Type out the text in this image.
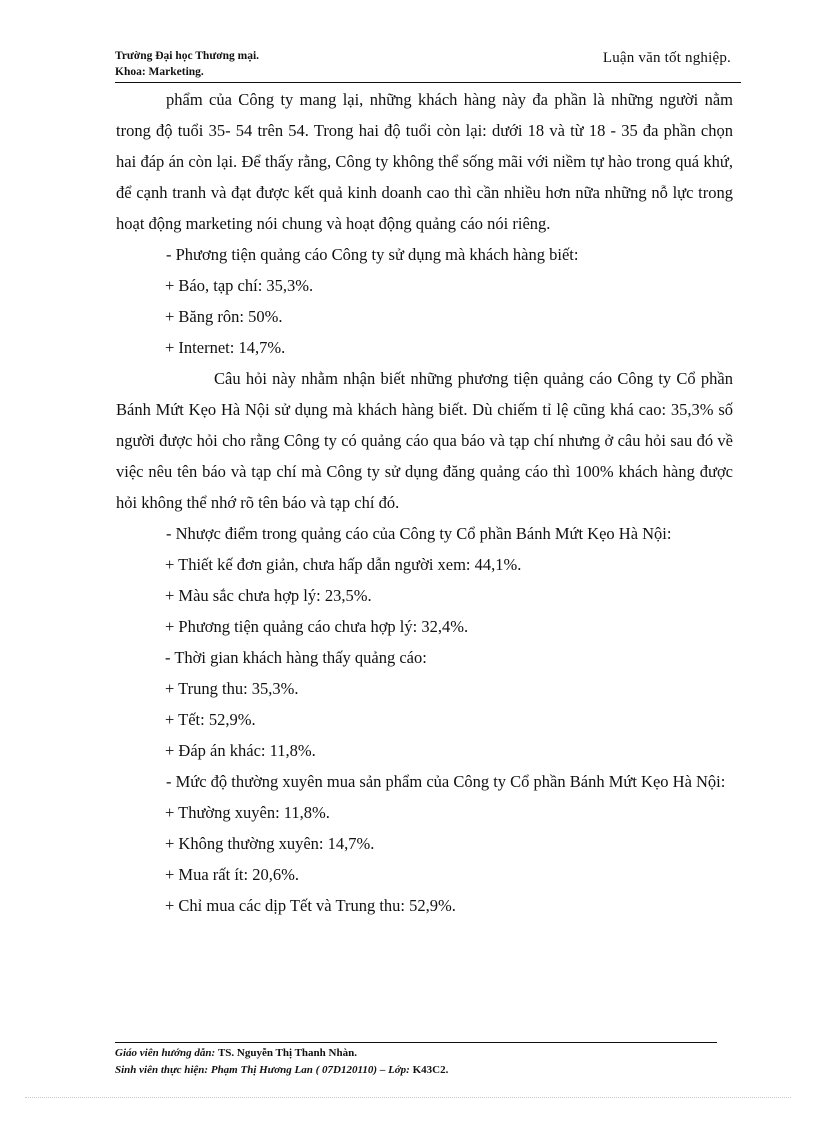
Trường Đại học Thương mại.
Khoa: Marketing.
Luận văn tốt nghiệp.

phẩm của Công ty mang lại, những khách hàng này đa phần là những người nằm trong độ tuổi 35- 54 trên 54. Trong hai độ tuổi còn lại: dưới 18 và từ 18 - 35 đa phần chọn hai đáp án còn lại. Để thấy rằng, Công ty không thể sống mãi với niềm tự hào trong quá khứ, để cạnh tranh và đạt được kết quả kinh doanh cao thì cần nhiều hơn nữa những nỗ lực trong hoạt động marketing nói chung và hoạt động quảng cáo nói riêng.

- Phương tiện quảng cáo Công ty sử dụng mà khách hàng biết:

+ Báo, tạp chí: 35,3%.

+ Băng rôn: 50%.

+ Internet: 14,7%.

Câu hỏi này nhằm nhận biết những phương tiện quảng cáo Công ty Cổ phần Bánh Mứt Kẹo Hà Nội sử dụng mà khách hàng biết. Dù chiếm tỉ lệ cũng khá cao: 35,3% số người được hỏi cho rằng Công ty có quảng cáo qua báo và tạp chí nhưng ở câu hỏi sau đó về việc nêu tên báo và tạp chí mà Công ty sử dụng đăng quảng cáo thì 100% khách hàng được hỏi không thể nhớ rõ tên báo và tạp chí đó.

- Nhược điểm trong quảng cáo của Công ty Cổ phần Bánh Mứt Kẹo Hà Nội:

+ Thiết kế đơn giản, chưa hấp dẫn người xem: 44,1%.

+ Màu sắc chưa hợp lý: 23,5%.

+ Phương tiện quảng cáo chưa hợp lý: 32,4%.

- Thời gian khách hàng thấy quảng cáo:

+ Trung thu: 35,3%.

+ Tết: 52,9%.

+ Đáp án khác: 11,8%.

- Mức độ thường xuyên mua sản phẩm của Công ty Cổ phần Bánh Mứt Kẹo Hà Nội:

+ Thường xuyên: 11,8%.

+ Không thường xuyên: 14,7%.

+ Mua rất ít: 20,6%.

+ Chỉ mua các dịp Tết và Trung thu: 52,9%.

Giáo viên hướng dẫn: TS. Nguyễn Thị Thanh Nhàn.
Sinh viên thực hiện: Phạm Thị Hương Lan ( 07D120110) – Lớp: K43C2.
